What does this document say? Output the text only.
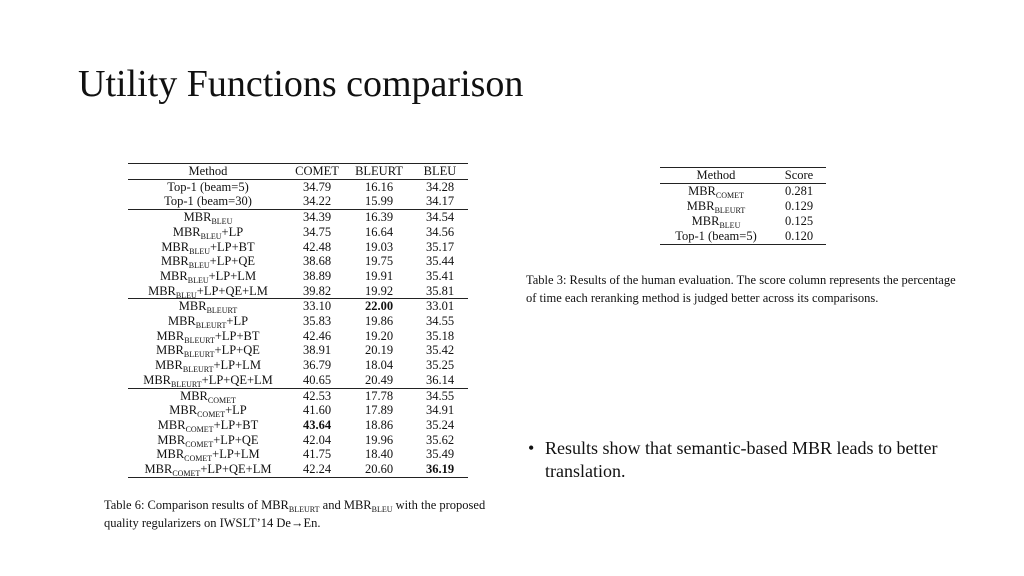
Utility Functions comparison
Method	COMET	BLEURT	BLEU
Top-1 (beam=5)	34.79	16.16	34.28
Top-1 (beam=30)	34.22	15.99	34.17
$MBR_{BLEU}$	34.39	16.39	34.54
$MBR_{BLEU}+LP$	34.75	16.64	34.56
$MBR_{BLEU}+LP+BT$	42.48	19.03	35.17
$MBR_{BLEU}+LP+QE$	38.68	19.75	35.44
$MBR_{BLEU}+LP+LM$	38.89	19.91	35.41
$MBR_{BLEU}+LP+QE+LM$	39.82	19.92	35.81
$MBR_{BLEURT}$	33.10	22.00	33.01
$MBR_{BLEURT}+LP$	35.83	19.86	34.55
$MBR_{BLEURT}+LP+BT$	42.46	19.20	35.18
$MBR_{BLEURT}+LP+QE$	38.91	20.19	35.42
$MBR_{BLEURT}+LP+LM$	36.79	18.04	35.25
$MBR_{BLEURT}+LP+QE+LM$	40.65	20.49	36.14
$MBR_{COMET}$	42.53	17.78	34.55
$MBR_{COMET}+LP$	41.60	17.89	34.91
$MBR_{COMET}+LP+BT$	43.64	18.86	35.24
$MBR_{COMET}+LP+QE$	42.04	19.96	35.62
$MBR_{COMET}+LP+LM$	41.75	18.40	35.49
$MBR_{COMET}+LP+QE+LM$	42.24	20.60	36.19
Table 6: Comparison results of $MBR_{BLEURT}$ and $MBR_{BLEU}$ with the proposed quality regularizers on IWSLT’14 De→En.
Method	Score
$MBR_{COMET}$	0.281
$MBR_{BLEURT}$	0.129
$MBR_{BLEU}$	0.125
Top-1 (beam=5)	0.120
Table 3: Results of the human evaluation. The score column represents the percentage of time each reranking method is judged better across its comparisons.
• Results show that semantic-based MBR leads to better translation.
